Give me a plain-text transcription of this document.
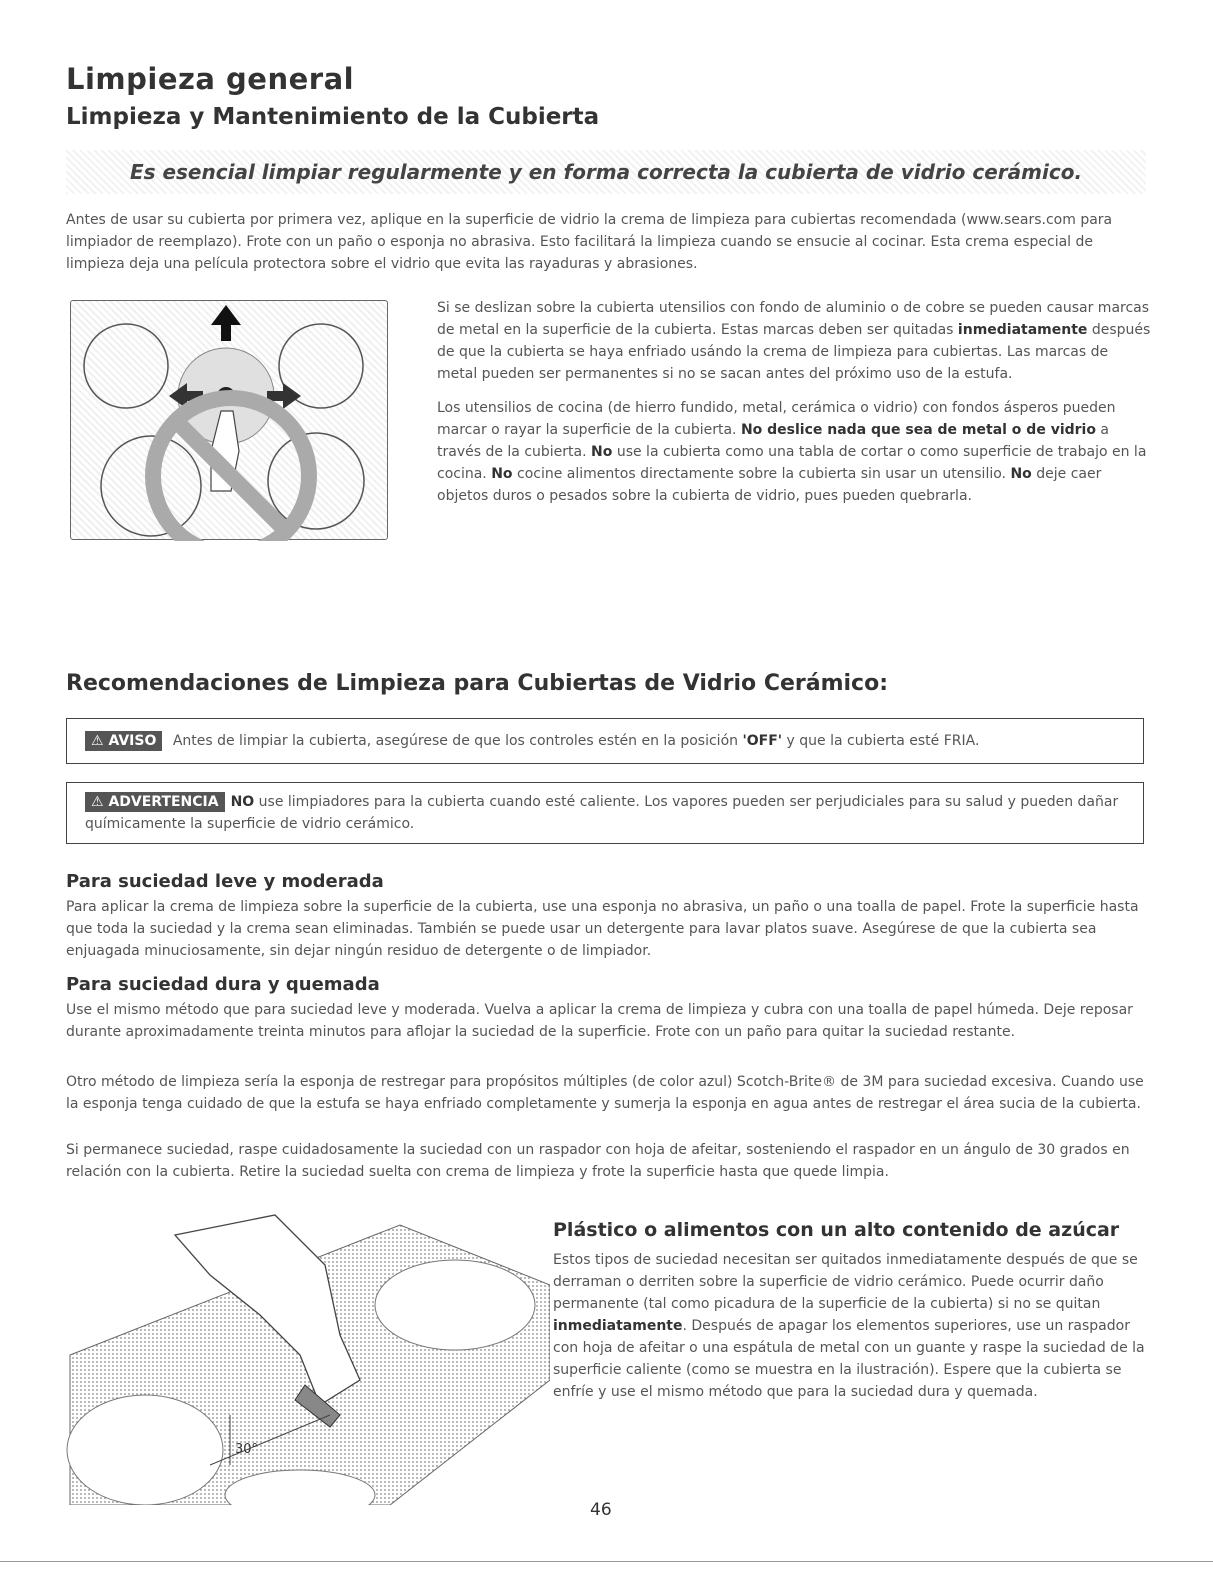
Limpieza general
Limpieza y Mantenimiento de la Cubierta
Es esencial limpiar regularmente y en forma correcta la cubierta de vidrio cerámico.
Antes de usar su cubierta por primera vez, aplique en la superficie de vidrio la crema de limpieza para cubiertas recomendada (www.sears.com para limpiador de reemplazo). Frote con un paño o esponja no abrasiva. Esto facilitará la limpieza cuando se ensucie al cocinar. Esta crema especial de limpieza deja una película protectora sobre el vidrio que evita las rayaduras y abrasiones.

Si se deslizan sobre la cubierta utensilios con fondo de aluminio o de cobre se pueden causar marcas de metal en la superficie de la cubierta. Estas marcas deben ser quitadas inmediatamente después de que la cubierta se haya enfriado usándo la crema de limpieza para cubiertas. Las marcas de metal pueden ser permanentes si no se sacan antes del próximo uso de la estufa.

Los utensilios de cocina (de hierro fundido, metal, cerámica o vidrio) con fondos ásperos pueden marcar o rayar la superficie de la cubierta. No deslice nada que sea de metal o de vidrio a través de la cubierta. No use la cubierta como una tabla de cortar o como superficie de trabajo en la cocina. No cocine alimentos directamente sobre la cubierta sin usar un utensilio. No deje caer objetos duros o pesados sobre la cubierta de vidrio, pues pueden quebrarla.

Recomendaciones de Limpieza para Cubiertas de Vidrio Cerámico:
⚠ AVISO Antes de limpiar la cubierta, asegúrese de que los controles estén en la posición 'OFF' y que la cubierta esté FRIA.
⚠ ADVERTENCIA NO use limpiadores para la cubierta cuando esté caliente. Los vapores pueden ser perjudiciales para su salud y pueden dañar químicamente la superficie de vidrio cerámico.
Para suciedad leve y moderada
Para aplicar la crema de limpieza sobre la superficie de la cubierta, use una esponja no abrasiva, un paño o una toalla de papel. Frote la superficie hasta que toda la suciedad y la crema sean eliminadas. También se puede usar un detergente para lavar platos suave. Asegúrese de que la cubierta sea enjuagada minuciosamente, sin dejar ningún residuo de detergente o de limpiador.
Para suciedad dura y quemada
Use el mismo método que para suciedad leve y moderada. Vuelva a aplicar la crema de limpieza y cubra con una toalla de papel húmeda. Deje reposar durante aproximadamente treinta minutos para aflojar la suciedad de la superficie. Frote con un paño para quitar la suciedad restante.
Otro método de limpieza sería la esponja de restregar para propósitos múltiples (de color azul) Scotch-Brite® de 3M para suciedad excesiva. Cuando use la esponja tenga cuidado de que la estufa se haya enfriado completamente y sumerja la esponja en agua antes de restregar el área sucia de la cubierta.
Si permanece suciedad, raspe cuidadosamente la suciedad con un raspador con hoja de afeitar, sosteniendo el raspador en un ángulo de 30 grados en relación con la cubierta. Retire la suciedad suelta con crema de limpieza y frote la superficie hasta que quede limpia.
30°
Plástico o alimentos con un alto contenido de azúcar
Estos tipos de suciedad necesitan ser quitados inmediatamente después de que se derraman o derriten sobre la superficie de vidrio cerámico. Puede ocurrir daño permanente (tal como picadura de la superficie de la cubierta) si no se quitan inmediatamente. Después de apagar los elementos superiores, use un raspador con hoja de afeitar o una espátula de metal con un guante y raspe la suciedad de la superficie caliente (como se muestra en la ilustración). Espere que la cubierta se enfríe y use el mismo método que para la suciedad dura y quemada.
46
